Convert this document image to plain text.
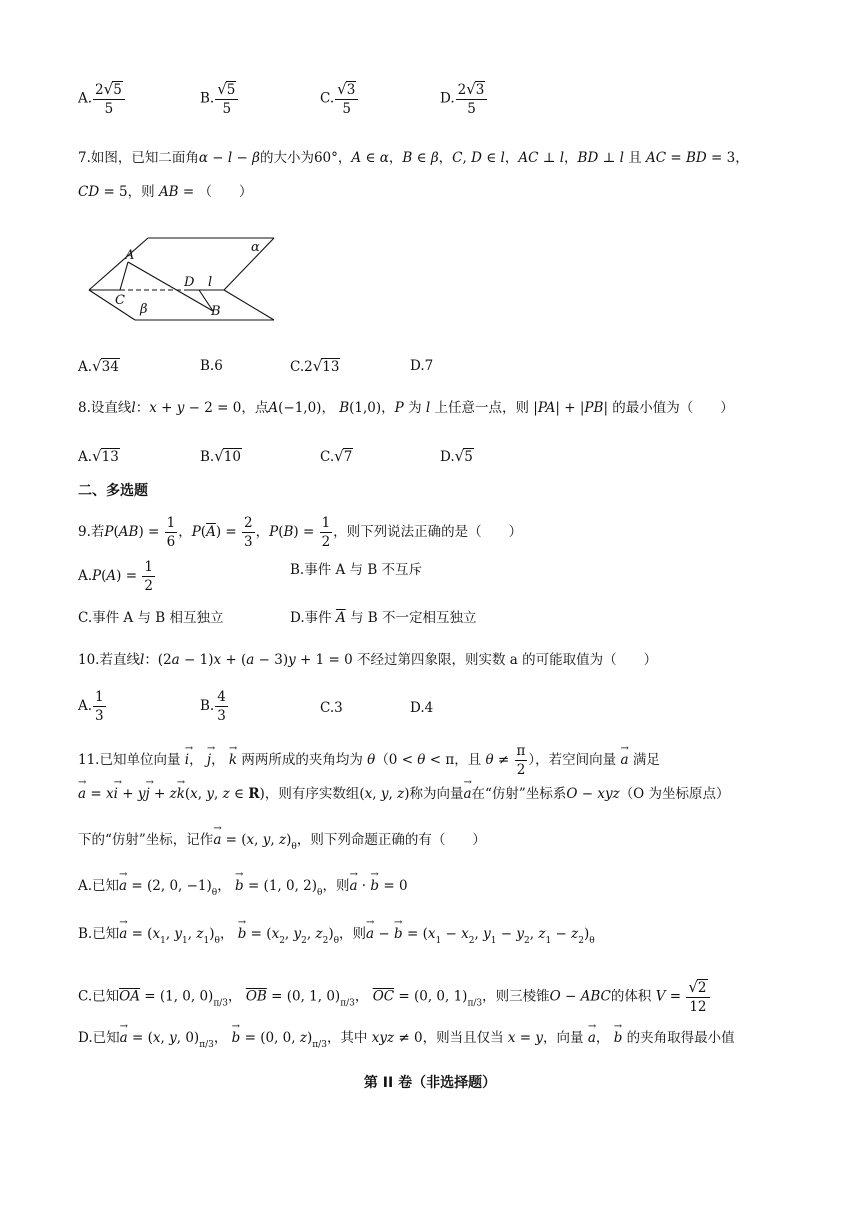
A. $\frac{2√5}{5}$	B. $\frac{√5}{5}$	C. $\frac{√3}{5}$	D. $\frac{2√3}{5}$
7.如图，已知二面角α − l − β的大小为60°，A ∈ α，B ∈ β，C, D ∈ l，AC ⊥ l，BD ⊥ l 且 AC = BD = 3，
CD = 5，则 AB = （　　）
α
A
C
D l
β	B
A.√34	B.6	C.2√13	D.7
8.设直线l：x + y − 2 = 0，点A(−1,0)， B(1,0)，P 为 l 上任意一点，则 |PA| + |PB| 的最小值为（　　）
A.√13	B.√10	C.√7	D.√5
二、多选题
9.若$P(AB) = \frac{1}{6}$ ，$P(\overline{A}) = \frac{2}{3}$ ，$P(B) = \frac{1}{2}$ ，则下列说法正确的是（　　）
$A.P(A) = \frac{1}{2}$	B.事件 A 与 B 不互斥
C.事件 A 与 B 相互独立	D.事件 $\overline{A}$ 与 B 不一定相互独立
10.若直线l：(2a − 1)x + (a − 3)y + 1 = 0 不经过第四象限，则实数 a 的可能取值为（　　）
A. $\frac{1}{3}$	B. $\frac{4}{3}$	C.3	D.4
11.已知单位向量 → i， → j， → k 两两所成的夹角均为 θ（0 < θ < π，且 $\theta \ne \frac{\pi}{2}$ ），若空间向量 → a 满足
→ a = x→ i + y→ j + z→ k(x, y, z ∈ R)，则有序实数组(x, y, z)称为向量→ a在“仿射”坐标系O − xyz（O 为坐标原点）
下的“仿射”坐标，记作→ a = (x, y, $z)_\theta$，则下列命题正确的有（　　）
A.已知→ a = (2, 0, $-1)_\theta$， → b = (1, 0, $2)_\theta$，则→ a · → b = 0
B.已知→ $a = (x_1$, $y_1$, $z_1)_\theta$， → $b = (x_2$, $y_2$, $z_2)_\theta$，则→ a − → $b = (x_1 - x_2$, $y_1 - y_2$, $z_1 - z_2)_\theta$
C.已知$\overline{OA} = (1$, 0, $0)_{\pi/3}$， $\overline{OB} = (0$, 1, $0)_{\pi/3}$， $\overline{OC} = (0$, 0, $1)_{\pi/3}$，则三棱锥O − ABC的体积 $V = \frac{√2}{12}$
D.已知→ a = (x, y, $0)_{\pi/3}$， → b = (0, 0, $z)_{\pi/3}$，其中 xyz ≠ 0，则当且仅当 x = y，向量 → a， → b 的夹角取得最小值
第 II 卷（非选择题）
